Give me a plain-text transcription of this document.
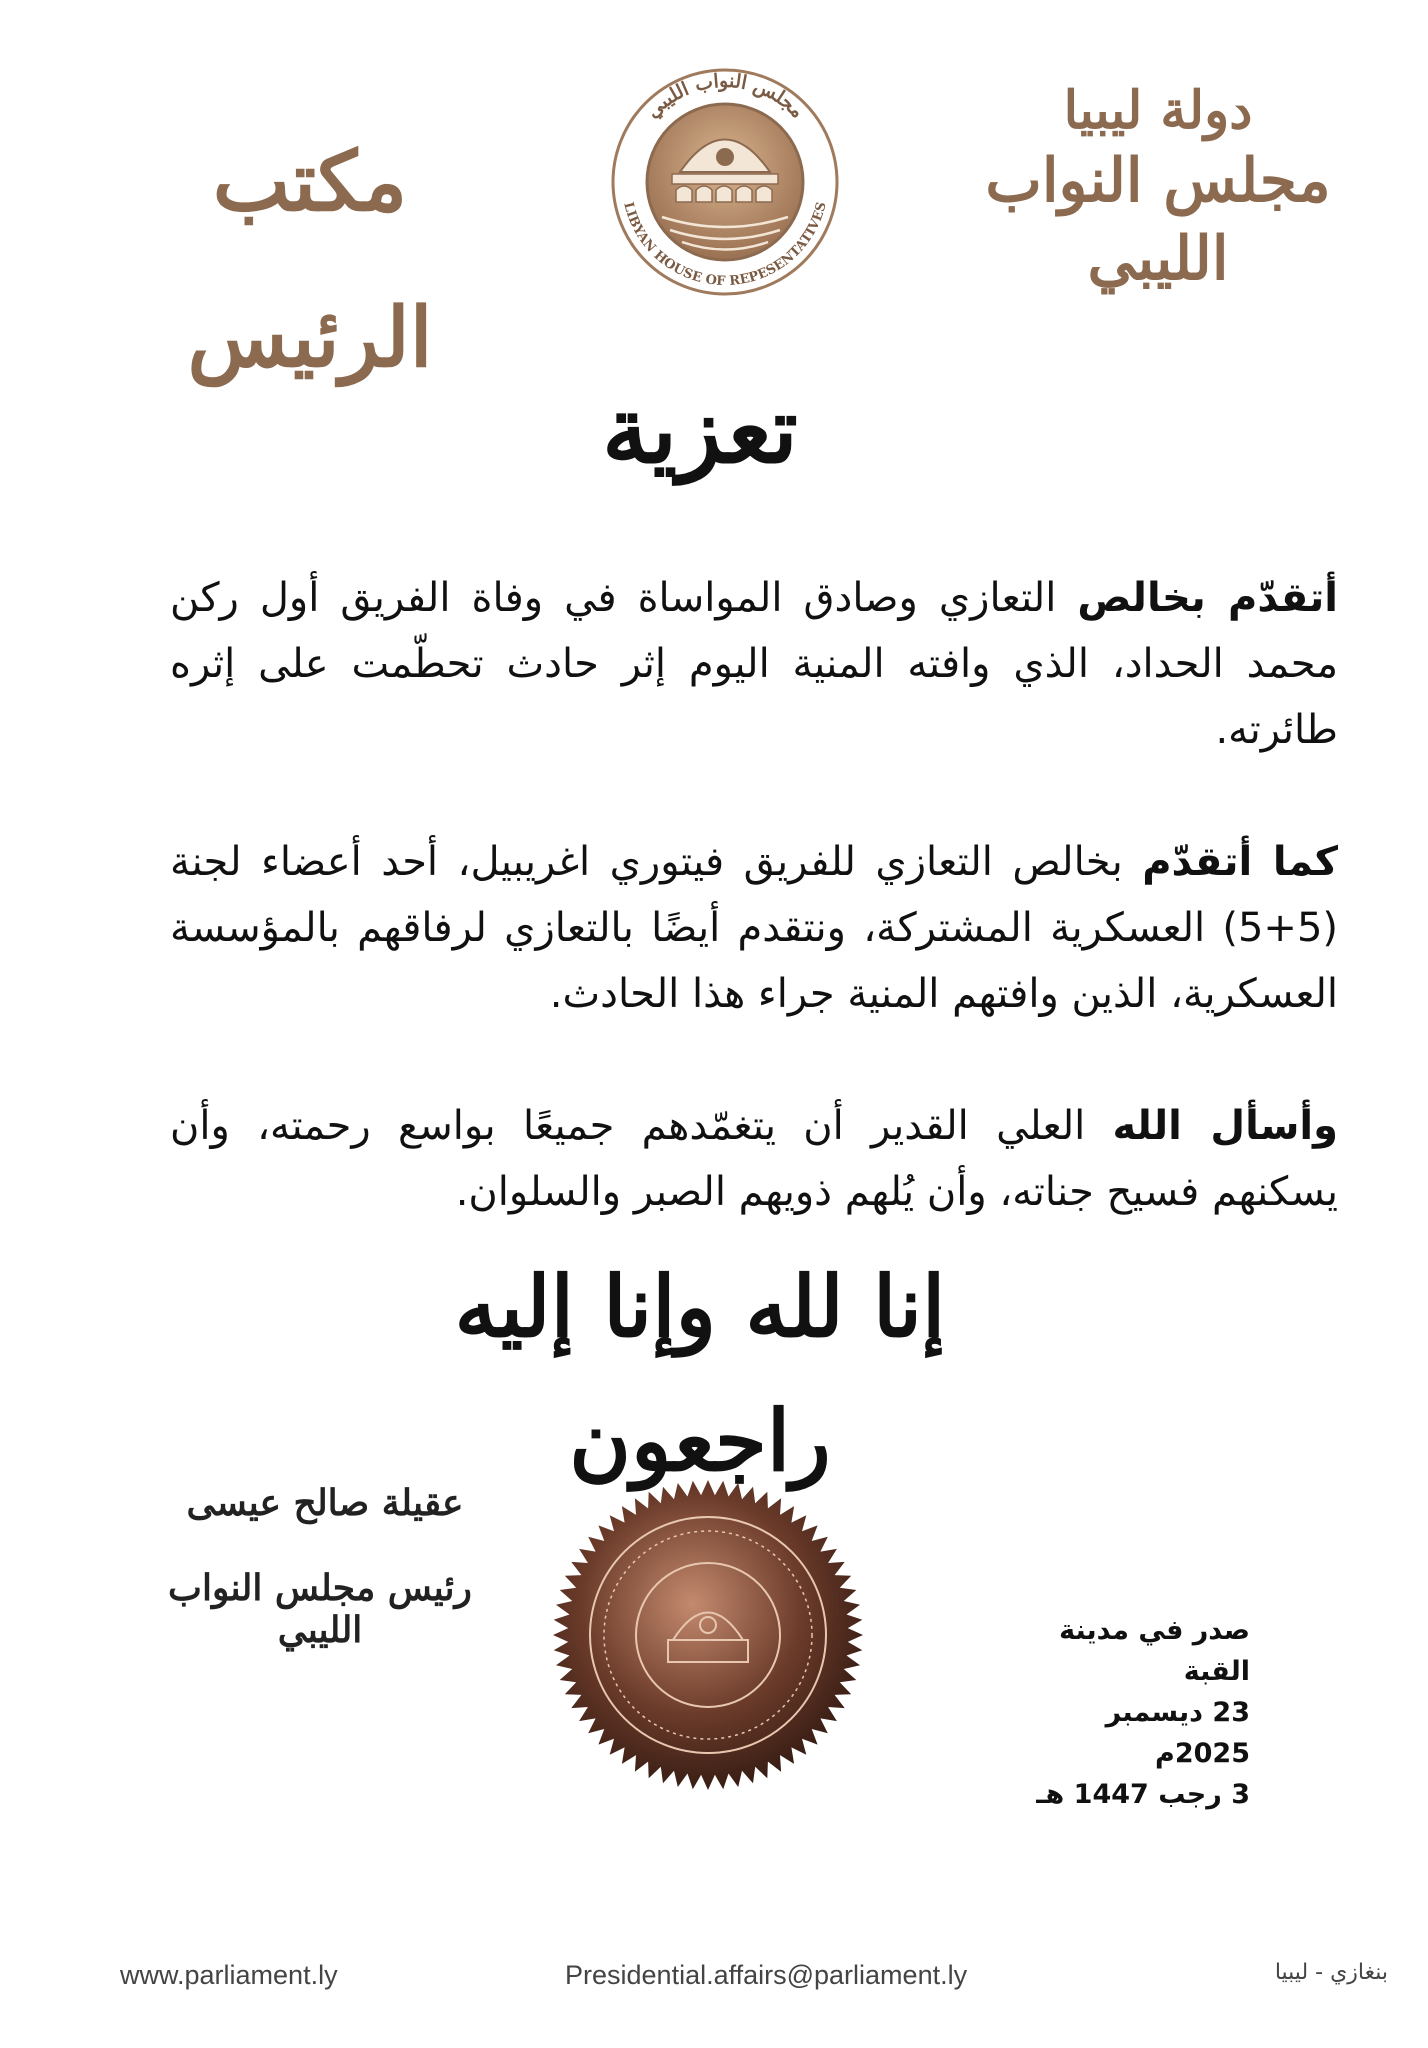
دولة ليبيا
مجلس النواب الليبي
مكتب الرئيس
مجلس النواب الليبي
LIBYAN HOUSE OF REPESENTATIVES
تعزية

أتقدّم بخالص التعازي وصادق المواساة في وفاة الفريق أول ركن محمد الحداد، الذي وافته المنية اليوم إثر حادث تحطّمت على إثره طائرته.

كما أتقدّم بخالص التعازي للفريق فيتوري اغريبيل، أحد أعضاء لجنة (5+5) العسكرية المشتركة، ونتقدم أيضًا بالتعازي لرفاقهم بالمؤسسة العسكرية، الذين وافتهم المنية جراء هذا الحادث.

وأسأل الله العلي القدير أن يتغمّدهم جميعًا بواسع رحمته، وأن يسكنهم فسيح جناته، وأن يُلهم ذويهم الصبر والسلوان.

إنا لله وإنا إليه راجعون
عقيلة صالح عيسى
رئيس مجلس النواب الليبي	صدر في مدينة القبة
23 ديسمبر 2025م
3 رجب 1447 هـ
www.parliament.ly	Presidential.affairs@parliament.ly	بنغازي - ليبيا
